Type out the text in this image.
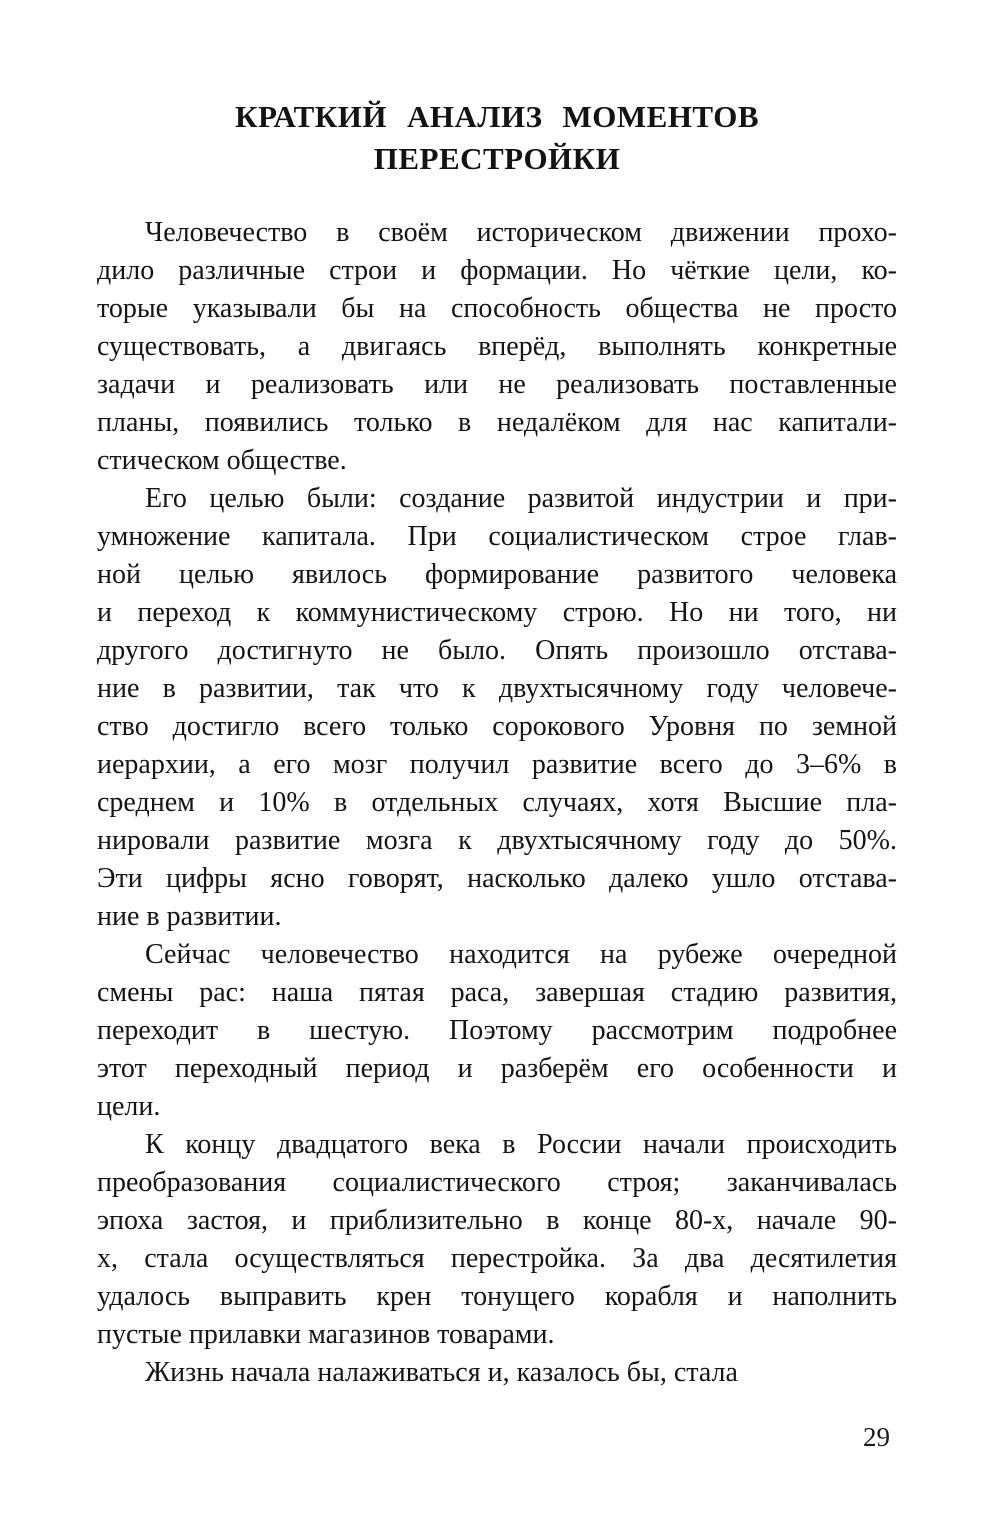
КРАТКИЙ АНАЛИЗ МОМЕНТОВ
ПЕРЕСТРОЙКИ

Человечество в своём историческом движении прохо-
дило различные строи и формации. Но чёткие цели, ко-
торые указывали бы на способность общества не просто
существовать, а двигаясь вперёд, выполнять конкретные
задачи и реализовать или не реализовать поставленные
планы, появились только в недалёком для нас капитали-
стическом обществе.

Его целью были: создание развитой индустрии и при-
умножение капитала. При социалистическом строе глав-
ной целью явилось формирование развитого человека
и переход к коммунистическому строю. Но ни того, ни
другого достигнуто не было. Опять произошло отстава-
ние в развитии, так что к двухтысячному году человече-
ство достигло всего только сорокового Уровня по земной
иерархии, а его мозг получил развитие всего до 3–6% в
среднем и 10% в отдельных случаях, хотя Высшие пла-
нировали развитие мозга к двухтысячному году до 50%.
Эти цифры ясно говорят, насколько далеко ушло отстава-
ние в развитии.

Сейчас человечество находится на рубеже очередной
смены рас: наша пятая раса, завершая стадию развития,
переходит в шестую. Поэтому рассмотрим подробнее
этот переходный период и разберём его особенности и
цели.

К концу двадцатого века в России начали происходить
преобразования социалистического строя; заканчивалась
эпоха застоя, и приблизительно в конце 80-х, начале 90-
х, стала осуществляться перестройка. За два десятилетия
удалось выправить крен тонущего корабля и наполнить
пустые прилавки магазинов товарами.

Жизнь начала налаживаться и, казалось бы, стала

29
